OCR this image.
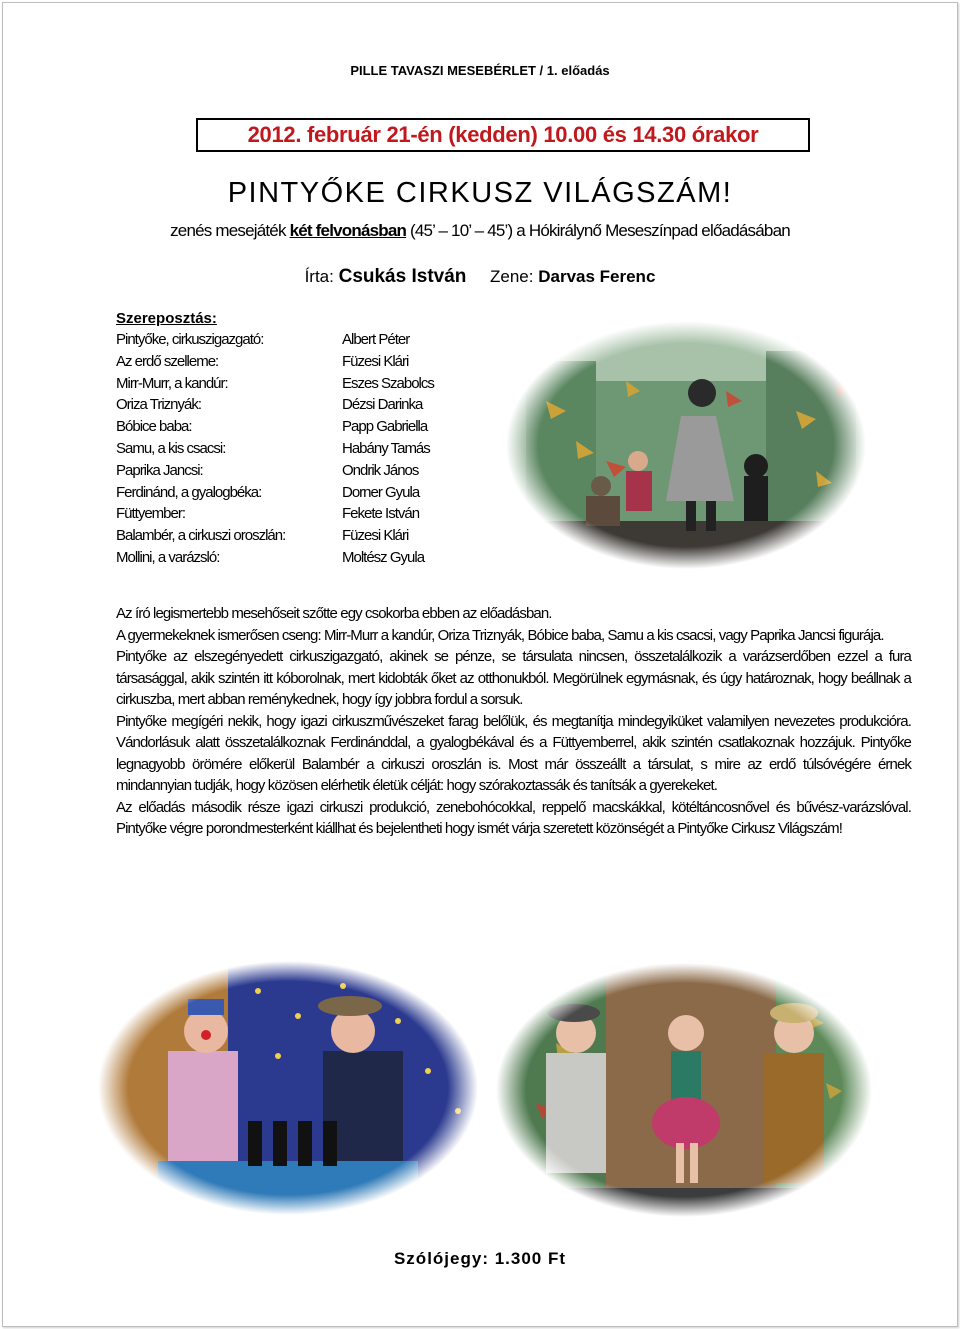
PILLE TAVASZI MESEBÉRLET / 1. előadás
2012. február 21-én (kedden) 10.00 és 14.30 órakor
PINTYŐKE CIRKUSZ VILÁGSZÁM!
zenés mesejáték két felvonásban (45’ – 10’ – 45’) a Hókirálynő Meseszínpad előadásában
Írta: Csukás István Zene: Darvas Ferenc
Szereposztás:
Pintyőke, cirkuszigazgató:	Albert Péter
Az erdő szelleme:	Füzesi Klári
Mirr-Murr, a kandúr:	Eszes Szabolcs
Oriza Triznyák:	Dézsi Darinka
Bóbice baba:	Papp Gabriella
Samu, a kis csacsi:	Habány Tamás
Paprika Jancsi:	Ondrik János
Ferdinánd, a gyalogbéka:	Dorner Gyula
Füttyember:	Fekete István
Balambér, a cirkuszi oroszlán:	Füzesi Klári
Mollini, a varázsló:	Moltész Gyula

Az író legismertebb mesehőseit szőtte egy csokorba ebben az előadásban.

A gyermekeknek ismerősen cseng: Mirr-Murr a kandúr, Oriza Triznyák, Bóbice baba, Samu a kis csacsi, vagy Paprika Jancsi figurája.

Pintyőke az elszegényedett cirkuszigazgató, akinek se pénze, se társulata nincsen, összetalálkozik a varázserdőben ezzel a fura társasággal, akik szintén itt kóborolnak, mert kidobták őket az otthonukból. Megörülnek egymásnak, és úgy határoznak, hogy beállnak a cirkuszba, mert abban reménykednek, hogy így jobbra fordul a sorsuk.

Pintyőke megígéri nekik, hogy igazi cirkuszművészeket farag belőlük, és megtanítja mindegyiküket valamilyen nevezetes produkcióra. Vándorlásuk alatt összetalálkoznak Ferdinánddal, a gyalogbékával és a Füttyemberrel, akik szintén csatlakoznak hozzájuk. Pintyőke legnagyobb örömére előkerül Balambér a cirkuszi oroszlán is. Most már összeállt a társulat, s mire az erdő túlsóvégére érnek mindannyian tudják, hogy közösen elérhetik életük célját: hogy szórakoztassák és tanítsák a gyerekeket.

Az előadás második része igazi cirkuszi produkció, zenebohócokkal, reppelő macskákkal, kötéltáncosnővel és bűvész-varázslóval. Pintyőke végre porondmesterként kiállhat és bejelentheti hogy ismét várja szeretett közönségét a Pintyőke Cirkusz Világszám!

Szólójegy: 1.300 Ft
